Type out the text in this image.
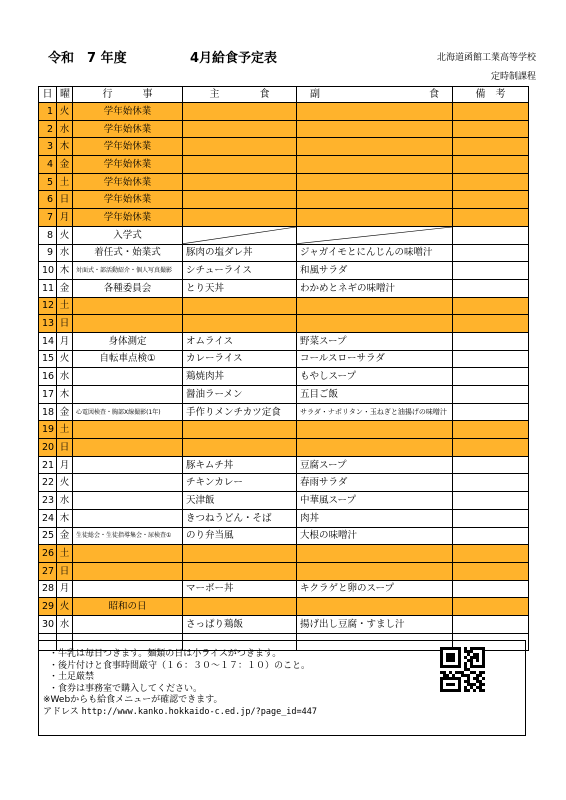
令和　7 年度	4月給食予定表	北海道函館工業高等学校
定時制課程
日	曜	行　　　事	主　　　　食	副 食	備　考
1	火	学年始休業			
2	水	学年始休業			
3	木	学年始休業			
4	金	学年始休業			
5	土	学年始休業			
6	日	学年始休業			
7	月	学年始休業			
8	火	入学式	

9	水	着任式・始業式	豚肉の塩ダレ丼	ジャガイモとにんじんの味噌汁	
10	木	対面式・部活動紹介・個人写真撮影	シチューライス	和風サラダ	
11	金	各種委員会	とり天丼	わかめとネギの味噌汁	
12	土				
13	日				
14	月	身体測定	オムライス	野菜スープ	
15	火	自転車点検①	カレーライス	コールスローサラダ	
16	水		鶏焼肉丼	もやしスープ	
17	木		醤油ラーメン	五目ご飯	
18	金	心電図検査・胸部X線撮影(1年)	手作りメンチカツ定食	サラダ・ナポリタン・玉ねぎと油揚げの味噌汁	
19	土				
20	日				
21	月		豚キムチ丼	豆腐スープ	
22	火		チキンカレー	春雨サラダ	
23	水		天津飯	中華風スープ	
24	木		きつねうどん・そば	肉丼	
25	金	生徒総会・生徒指導集会・尿検査①	のり弁当風	大根の味噌汁	
26	土				
27	日				
28	月		マーボー丼	キクラゲと卵のスープ	
29	火	昭和の日			
30	水		さっぱり鶏飯	揚げ出し豆腐・すまし汁	

・牛乳は毎日つきます。麺類の日は小ライスがつきます。
・後片付けと食事時間厳守（１６：３０～１７：１０）のこと。
・土足厳禁
・食券は事務室で購入してください。
※Webからも給食メニューが確認できます。
アドレス http://www.kanko.hokkaido-c.ed.jp/?page_id=447
